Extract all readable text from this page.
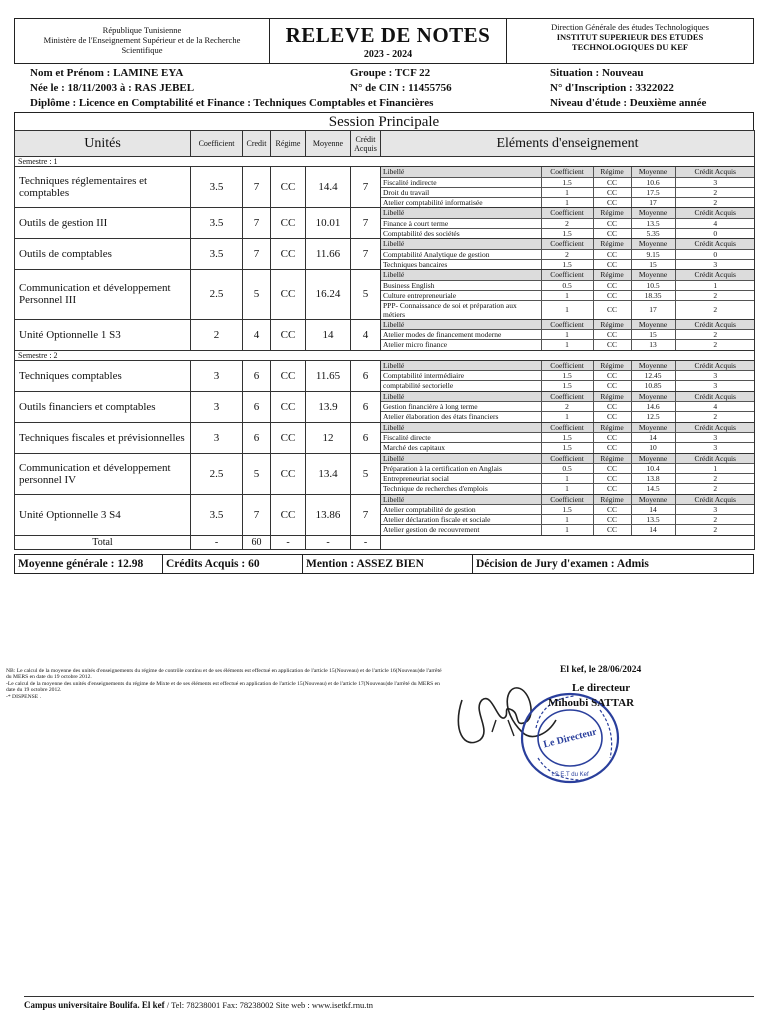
République Tunisienne
Ministère de l'Enseignement Supérieur et de la Recherche
Scientifique
RELEVE DE NOTES
2023 - 2024
Direction Générale des études Technologiques
INSTITUT SUPERIEUR DES ETUDES
TECHNOLOGIQUES DU KEF
Nom et Prénom : LAMINE EYA	Groupe : TCF 22	Situation : Nouveau
Née le : 18/11/2003 à : RAS JEBEL	N° de CIN : 11455756	N° d'Inscription : 3322022
Diplôme : Licence en Comptabilité et Finance : Techniques Comptables et Financières	Niveau d'étude : Deuxième année
Session Principale
Unités	Coefficient	Credit	Régime	Moyenne	Crédit Acquis	Eléments d'enseignement
Semestre : 1
Techniques réglementaires et comptables	3.5	7	CC	14.4	7	
Libellé	Coefficient	Régime	Moyenne	Crédit Acquis
Fiscalité indirecte	1.5	CC	10.6	3
Droit du travail	1	CC	17.5	2
Atelier comptabilité informatisée	1	CC	17	2

Outils de gestion III	3.5	7	CC	10.01	7	
Libellé	Coefficient	Régime	Moyenne	Crédit Acquis
Finance à court terme	2	CC	13.5	4
Comptabilité des sociétés	1.5	CC	5.35	0

Outils de comptables	3.5	7	CC	11.66	7	
Libellé	Coefficient	Régime	Moyenne	Crédit Acquis
Comptabilité Analytique de gestion	2	CC	9.15	0
Techniques bancaires	1.5	CC	15	3

Communication et développement Personnel III	2.5	5	CC	16.24	5	
Libellé	Coefficient	Régime	Moyenne	Crédit Acquis
Business English	0.5	CC	10.5	1
Culture entrepreneuriale	1	CC	18.35	2
PPP- Connaissance de soi et préparation aux métiers	1	CC	17	2

Unité Optionnelle 1 S3	2	4	CC	14	4	
Libellé	Coefficient	Régime	Moyenne	Crédit Acquis
Atelier modes de financement moderne	1	CC	15	2
Atelier micro finance	1	CC	13	2

Semestre : 2
Techniques comptables	3	6	CC	11.65	6	
Libellé	Coefficient	Régime	Moyenne	Crédit Acquis
Comptabilité intermédiaire	1.5	CC	12.45	3
comptabilité sectorielle	1.5	CC	10.85	3

Outils financiers et comptables	3	6	CC	13.9	6	
Libellé	Coefficient	Régime	Moyenne	Crédit Acquis
Gestion financière à long terme	2	CC	14.6	4
Atelier élaboration des états financiers	1	CC	12.5	2

Techniques fiscales et prévisionnelles	3	6	CC	12	6	
Libellé	Coefficient	Régime	Moyenne	Crédit Acquis
Fiscalité directe	1.5	CC	14	3
Marché des capitaux	1.5	CC	10	3

Communication et développement personnel IV	2.5	5	CC	13.4	5	
Libellé	Coefficient	Régime	Moyenne	Crédit Acquis
Préparation à la certification en Anglais	0.5	CC	10.4	1
Entrepreneuriat social	1	CC	13.8	2
Technique de recherches d'emplois	1	CC	14.5	2

Unité Optionnelle 3 S4	3.5	7	CC	13.86	7	
Libellé	Coefficient	Régime	Moyenne	Crédit Acquis
Atelier comptabilité de gestion	1.5	CC	14	3
Atelier déclaration fiscale et sociale	1	CC	13.5	2
Atelier gestion de recouvrement	1	CC	14	2

Total	-	60	-	-	-	
Moyenne générale : 12.98	Crédits Acquis : 60	Mention : ASSEZ BIEN	Décision de Jury d'examen : Admis
NB: Le calcul de la moyenne des unités d'enseignements du régime de contrôle continu et de ses éléments est effectué en application de l'article 15(Nouveau) et de l'article 16(Nouveau)de l'arrêté du MERS en date du 19 octobre 2012.
-Le calcul de la moyenne des unités d'enseignements du régime de Mixte et de ses éléments est effectué en application de l'article 15(Nouveau) et de l'article 17(Nouveau)de l'arrêté du MERS en date du 19 octobre 2012.
-* DISPENSE .
Le Directeur
I.S.E.T du Kef
El kef, le 28/06/2024
Le directeur
Mihoubi SATTAR
Campus universitaire Boulifa. El kef / Tel: 78238001 Fax: 78238002 Site web : www.isetkf.rnu.tn
